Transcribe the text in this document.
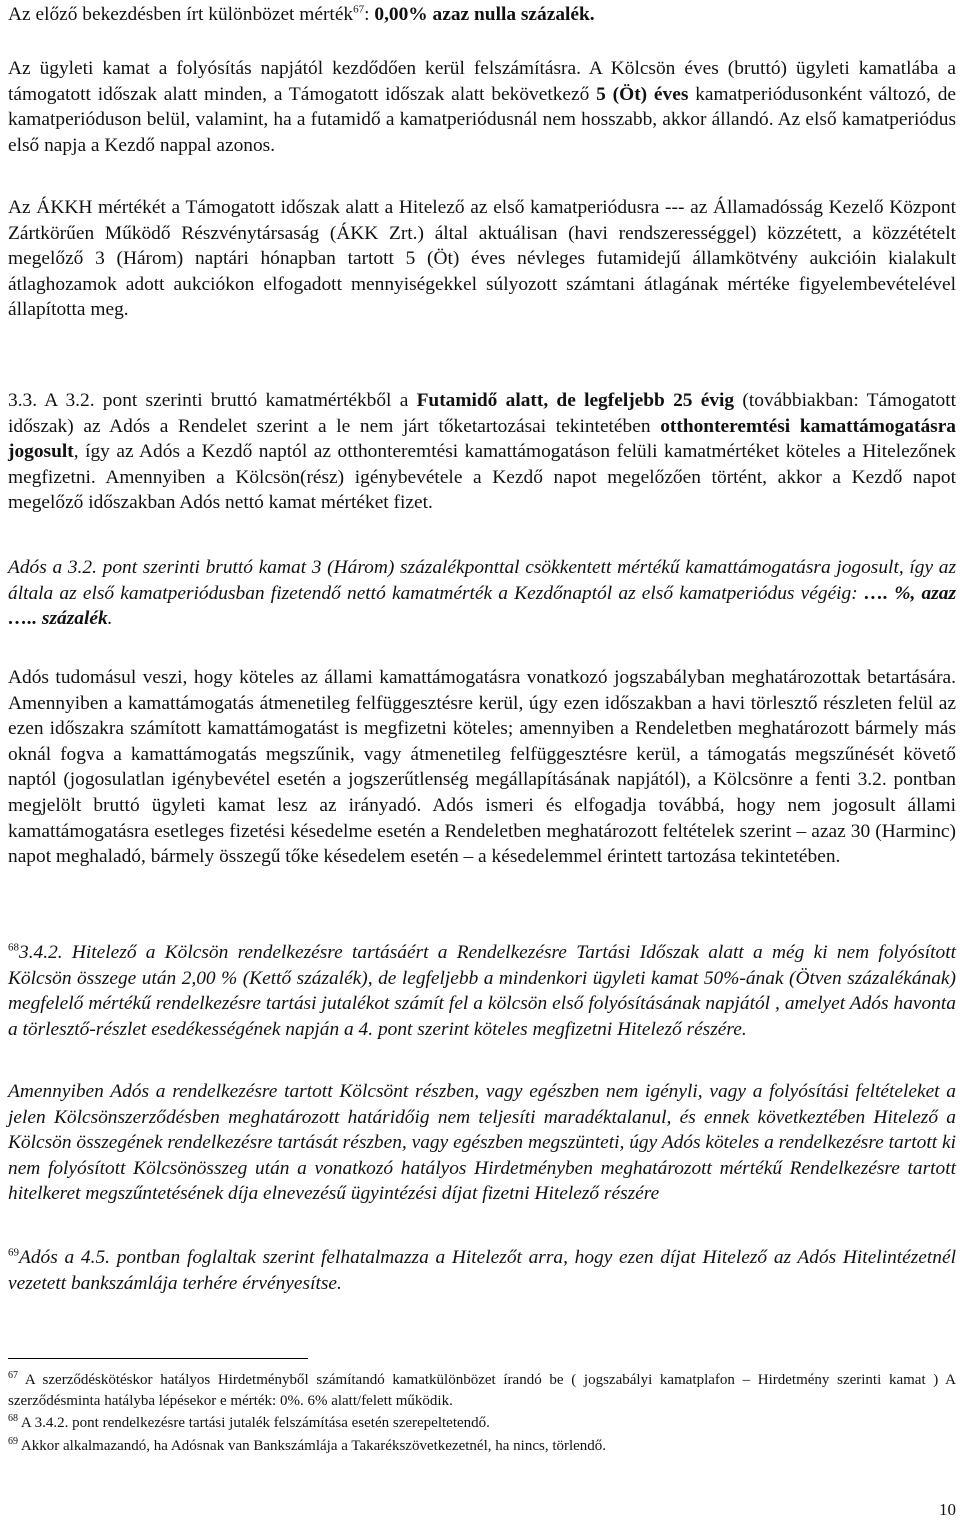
Az előző bekezdésben írt különbözet mérték$^{67}$: 0,00% azaz nulla százalék.

Az ügyleti kamat a folyósítás napjától kezdődően kerül felszámításra. A Kölcsön éves (bruttó) ügyleti kamatlába a támogatott időszak alatt minden, a Támogatott időszak alatt bekövetkező 5 (Öt) éves kamatperiódusonként változó, de kamatperióduson belül, valamint, ha a futamidő a kamatperiódusnál nem hosszabb, akkor állandó. Az első kamatperiódus első napja a Kezdő nappal azonos.

Az ÁKKH mértékét a Támogatott időszak alatt a Hitelező az első kamatperiódusra --- az Államadósság Kezelő Központ Zártkörűen Működő Részvénytársaság (ÁKK Zrt.) által aktuálisan (havi rendszerességgel) közzétett, a közzétételt megelőző 3 (Három) naptári hónapban tartott 5 (Öt) éves névleges futamidejű államkötvény aukcióin kialakult átlaghozamok adott aukciókon elfogadott mennyiségekkel súlyozott számtani átlagának mértéke figyelembevételével állapította meg.

3.3. A 3.2. pont szerinti bruttó kamatmértékből a Futamidő alatt, de legfeljebb 25 évig (továbbiakban: Támogatott időszak) az Adós a Rendelet szerint a le nem járt tőketartozásai tekintetében otthonteremtési kamattámogatásra jogosult, így az Adós a Kezdő naptól az otthonteremtési kamattámogatáson felüli kamatmértéket köteles a Hitelezőnek megfizetni. Amennyiben a Kölcsön(rész) igénybevétele a Kezdő napot megelőzően történt, akkor a Kezdő napot megelőző időszakban Adós nettó kamat mértéket fizet.

Adós a 3.2. pont szerinti bruttó kamat 3 (Három) százalékponttal csökkentett mértékű kamattámogatásra jogosult, így az általa az első kamatperiódusban fizetendő nettó kamatmérték a Kezdőnaptól az első kamatperiódus végéig: …. %, azaz ….. százalék.

Adós tudomásul veszi, hogy köteles az állami kamattámogatásra vonatkozó jogszabályban meghatározottak betartására. Amennyiben a kamattámogatás átmenetileg felfüggesztésre kerül, úgy ezen időszakban a havi törlesztő részleten felül az ezen időszakra számított kamattámogatást is megfizetni köteles; amennyiben a Rendeletben meghatározott bármely más oknál fogva a kamattámogatás megszűnik, vagy átmenetileg felfüggesztésre kerül, a támogatás megszűnését követő naptól (jogosulatlan igénybevétel esetén a jogszerűtlenség megállapításának napjától), a Kölcsönre a fenti 3.2. pontban megjelölt bruttó ügyleti kamat lesz az irányadó. Adós ismeri és elfogadja továbbá, hogy nem jogosult állami kamattámogatásra esetleges fizetési késedelme esetén a Rendeletben meghatározott feltételek szerint – azaz 30 (Harminc) napot meghaladó, bármely összegű tőke késedelem esetén – a késedelemmel érintett tartozása tekintetében.

$^{68}$3.4.2. Hitelező a Kölcsön rendelkezésre tartásáért a Rendelkezésre Tartási Időszak alatt a még ki nem folyósított Kölcsön összege után 2,00 % (Kettő százalék), de legfeljebb a mindenkori ügyleti kamat 50%-ának (Ötven százalékának) megfelelő mértékű rendelkezésre tartási jutalékot számít fel a kölcsön első folyósításának napjától , amelyet Adós havonta a törlesztő-részlet esedékességének napján a 4. pont szerint köteles megfizetni Hitelező részére.

Amennyiben Adós a rendelkezésre tartott Kölcsönt részben, vagy egészben nem igényli, vagy a folyósítási feltételeket a jelen Kölcsönszerződésben meghatározott határidőig nem teljesíti maradéktalanul, és ennek következtében Hitelező a Kölcsön összegének rendelkezésre tartását részben, vagy egészben megszünteti, úgy Adós köteles a rendelkezésre tartott ki nem folyósított Kölcsönösszeg után a vonatkozó hatályos Hirdetményben meghatározott mértékű Rendelkezésre tartott hitelkeret megszűntetésének díja elnevezésű ügyintézési díjat fizetni Hitelező részére

$^{69}$Adós a 4.5. pontban foglaltak szerint felhatalmazza a Hitelezőt arra, hogy ezen díjat Hitelező az Adós Hitelintézetnél vezetett bankszámlája terhére érvényesítse.

$^{67}$ A szerződéskötéskor hatályos Hirdetményből számítandó kamatkülönbözet írandó be ( jogszabályi kamatplafon – Hirdetmény szerinti kamat ) A szerződésminta hatályba lépésekor e mérték: 0%. 6% alatt/felett működik.
$^{68}$ A 3.4.2. pont rendelkezésre tartási jutalék felszámítása esetén szerepeltetendő.
$^{69}$ Akkor alkalmazandó, ha Adósnak van Bankszámlája a Takarékszövetkezetnél, ha nincs, törlendő.
10
